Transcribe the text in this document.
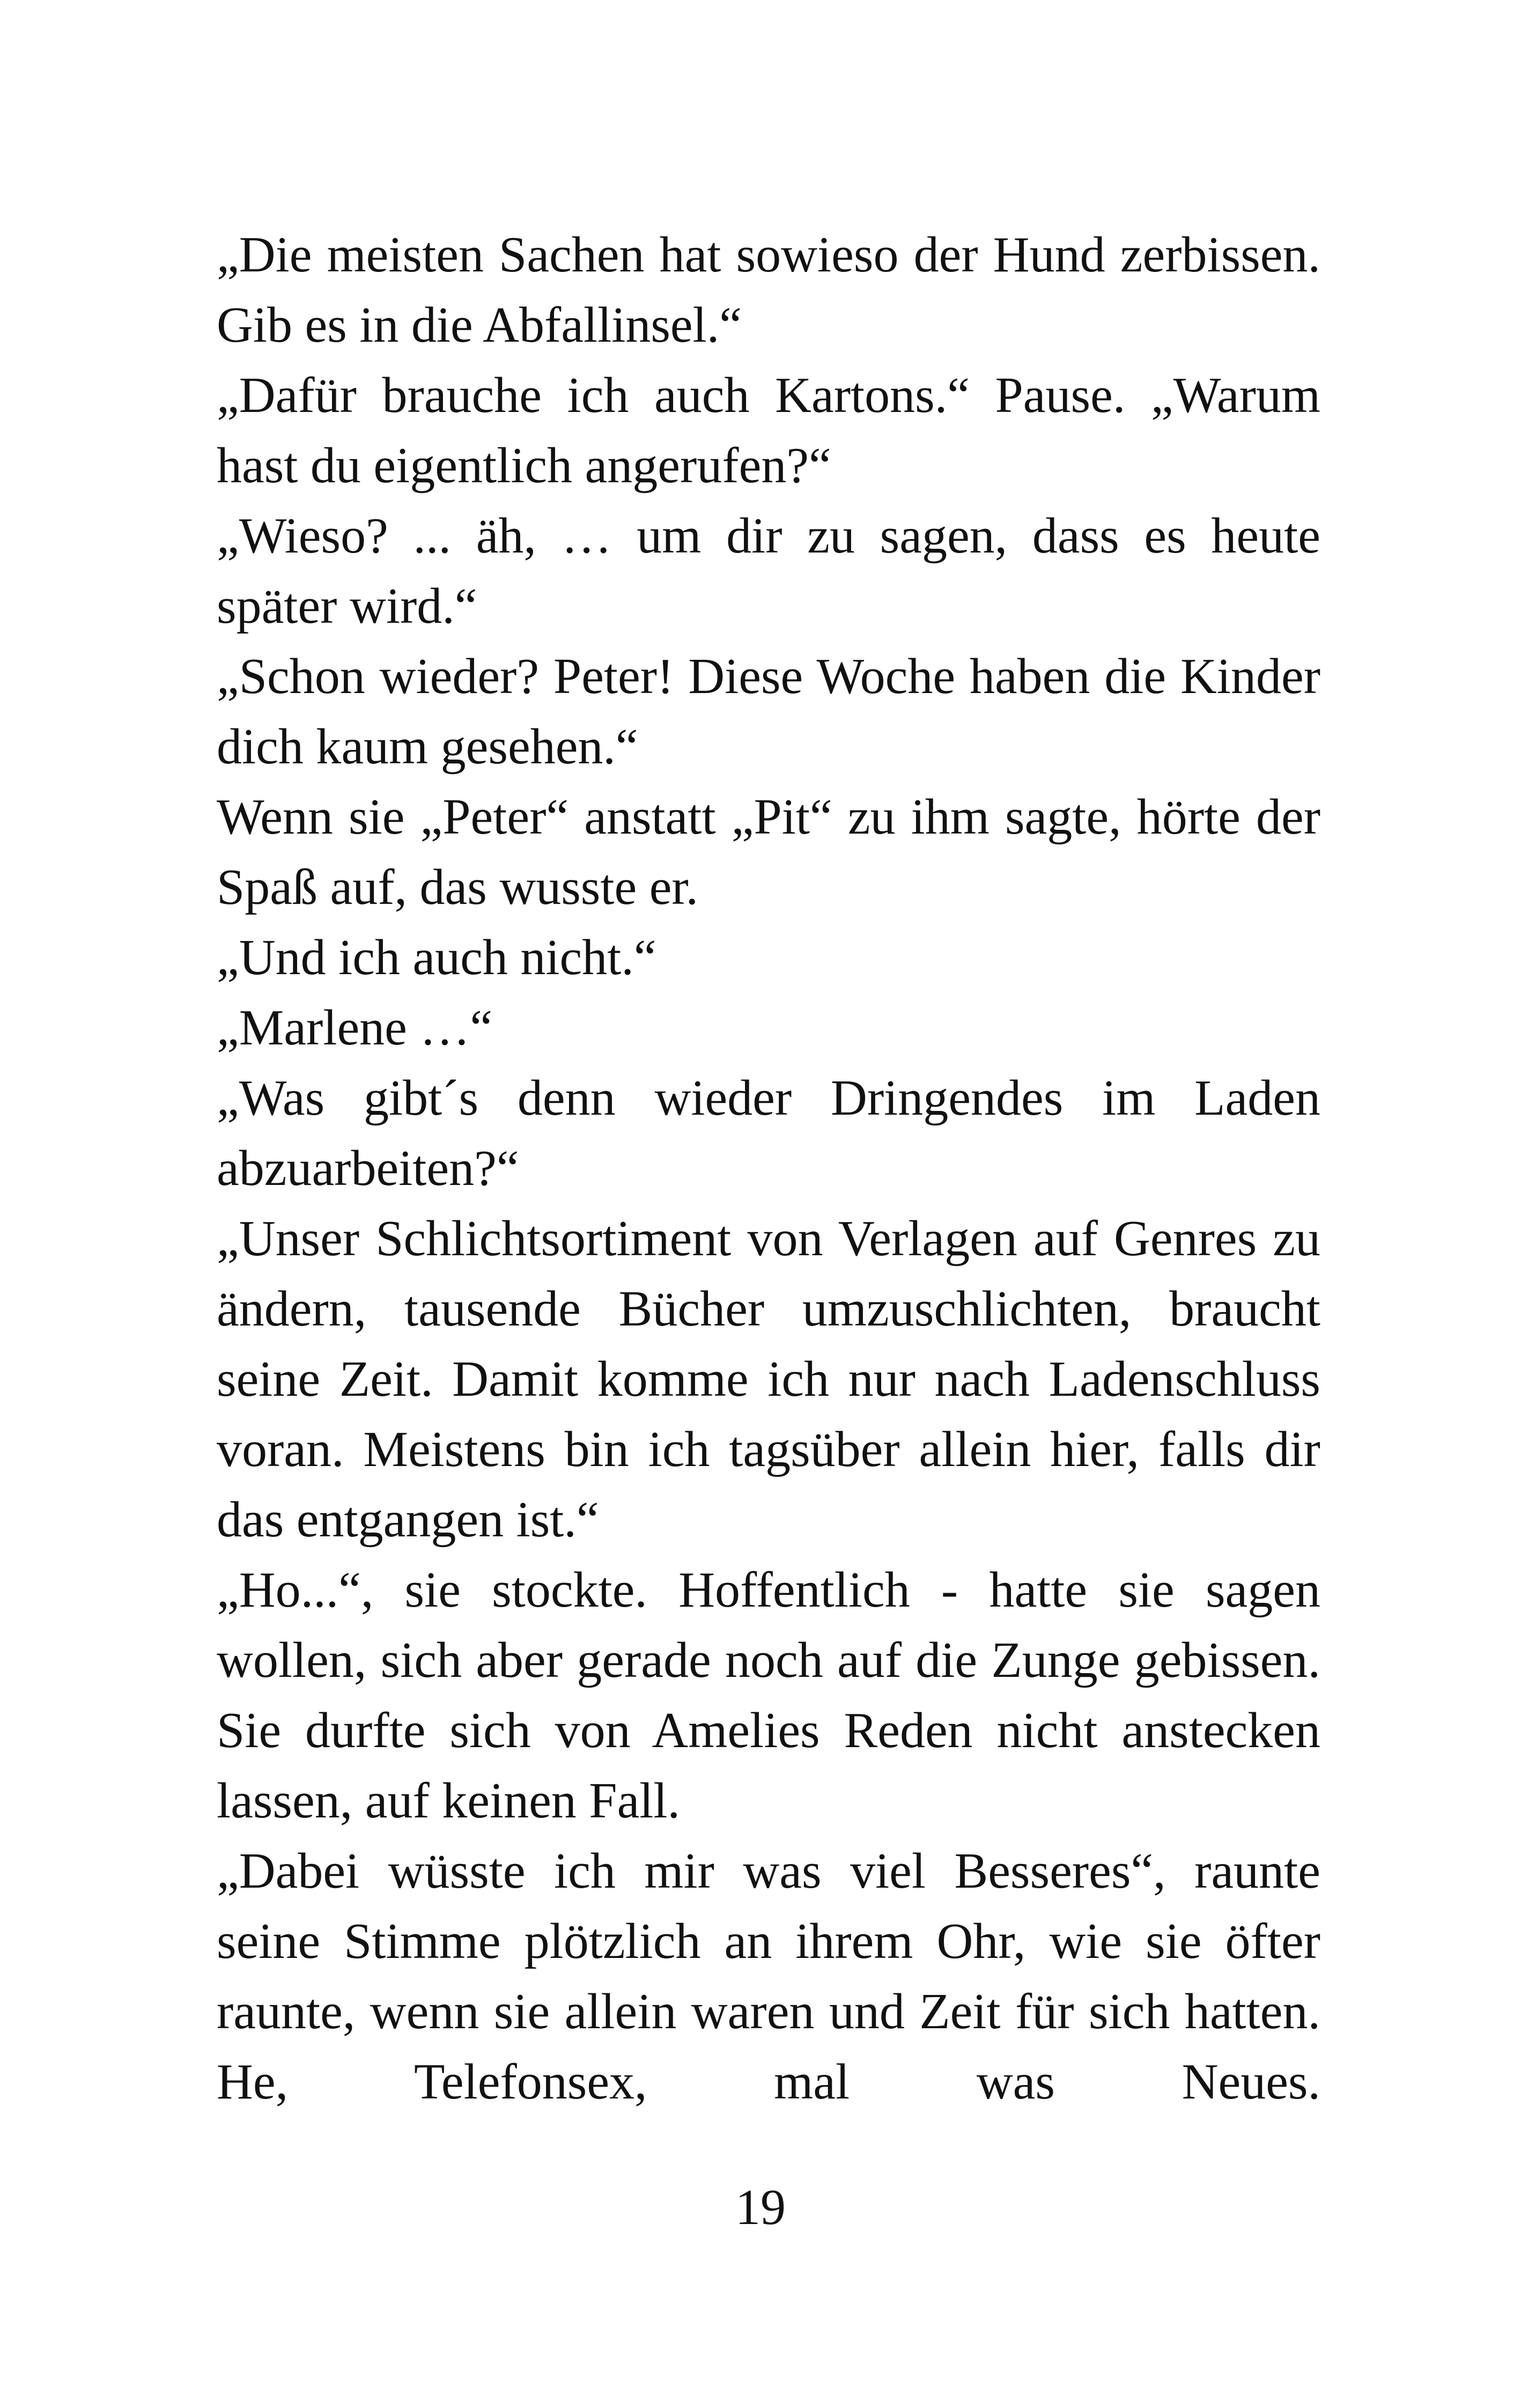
„Die meisten Sachen hat sowieso der Hund zerbissen. Gib es in die Abfallinsel.“

„Dafür brauche ich auch Kartons.“ Pause. „Warum hast du eigentlich angerufen?“

„Wieso? ... äh, … um dir zu sagen, dass es heute später wird.“

„Schon wieder? Peter! Diese Woche haben die Kinder dich kaum gesehen.“

Wenn sie „Peter“ anstatt „Pit“ zu ihm sagte, hörte der Spaß auf, das wusste er.

„Und ich auch nicht.“

„Marlene …“

„Was gibt´s denn wieder Dringendes im Laden abzuarbeiten?“

„Unser Schlichtsortiment von Verlagen auf Genres zu ändern, tausende Bücher umzuschlichten, braucht seine Zeit. Damit komme ich nur nach Ladenschluss voran. Meistens bin ich tagsüber allein hier, falls dir das entgangen ist.“

„Ho...“, sie stockte. Hoffentlich - hatte sie sagen wollen, sich aber gerade noch auf die Zunge gebissen. Sie durfte sich von Amelies Reden nicht anstecken lassen, auf keinen Fall.

„Dabei wüsste ich mir was viel Besseres“, raunte seine Stimme plötzlich an ihrem Ohr, wie sie öfter raunte, wenn sie allein waren und Zeit für sich hatten. He, Telefonsex, mal was Neues.

19
